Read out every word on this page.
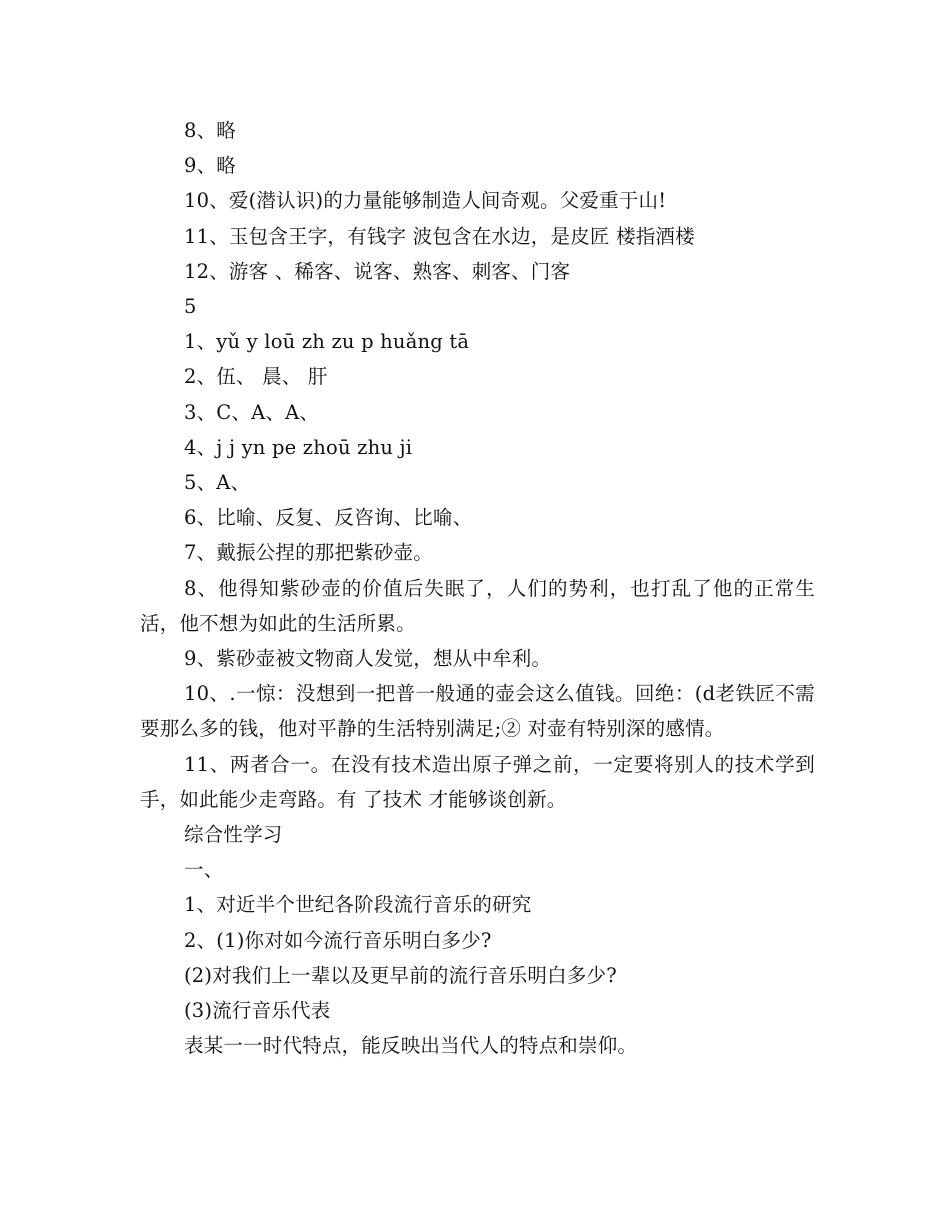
8、略

9、略

10、爱(潜认识)的力量能够制造人间奇观。父爱重于山!

11、玉包含王字，有钱字 波包含在水边，是皮匠 楼指酒楼

12、游客 、稀客、说客、熟客、刺客、门客

5

1、yǔ y loū zh zu p huǎng tā

2、伍、 晨、 肝

3、C、A、A、

4、j j yn pe zhoū zhu ji

5、A、

6、比喻、反复、反咨询、比喻、

7、戴振公捏的那把紫砂壶。

8、他得知紫砂壶的价值后失眠了，人们的势利，也打乱了他的正常生活，他不想为如此的生活所累。

9、紫砂壶被文物商人发觉，想从中牟利。

10、.一惊：没想到一把普一般通的壶会这么值钱。回绝：(d老铁匠不需要那么多的钱，他对平静的生活特别满足;② 对壶有特别深的感情。

11、两者合一。在没有技术造出原子弹之前，一定要将别人的技术学到手，如此能少走弯路。有 了技术 才能够谈创新。

综合性学习

一、

1、对近半个世纪各阶段流行音乐的研究

2、(1)你对如今流行音乐明白多少?

(2)对我们上一辈以及更早前的流行音乐明白多少?

(3)流行音乐代表

表某一一时代特点，能反映出当代人的特点和崇仰。
